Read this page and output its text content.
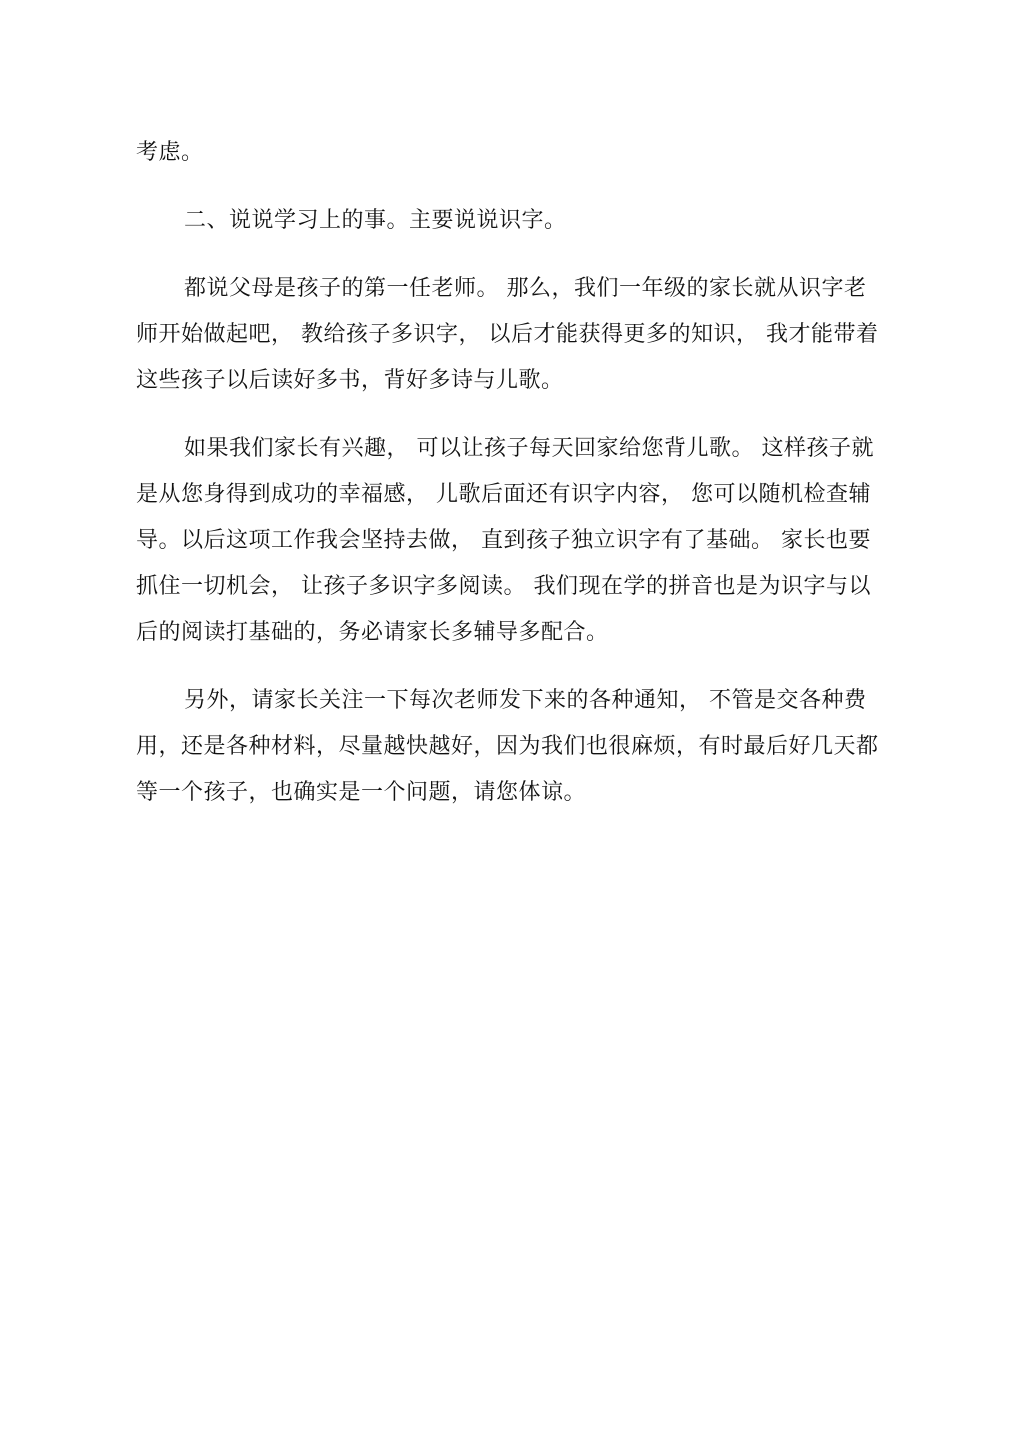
考虑。
二、说说学习上的事。主要说说识字。
都说父母是孩子的第一任老师。 那么，我们一年级的家长就从识字老
师开始做起吧， 教给孩子多识字， 以后才能获得更多的知识， 我才能带着
这些孩子以后读好多书，背好多诗与儿歌。
如果我们家长有兴趣， 可以让孩子每天回家给您背儿歌。 这样孩子就
是从您身得到成功的幸福感， 儿歌后面还有识字内容， 您可以随机检查辅
导。以后这项工作我会坚持去做， 直到孩子独立识字有了基础。 家长也要
抓住一切机会， 让孩子多识字多阅读。 我们现在学的拼音也是为识字与以
后的阅读打基础的，务必请家长多辅导多配合。
另外，请家长关注一下每次老师发下来的各种通知， 不管是交各种费
用，还是各种材料，尽量越快越好，因为我们也很麻烦，有时最后好几天都
等一个孩子，也确实是一个问题，请您体谅。
